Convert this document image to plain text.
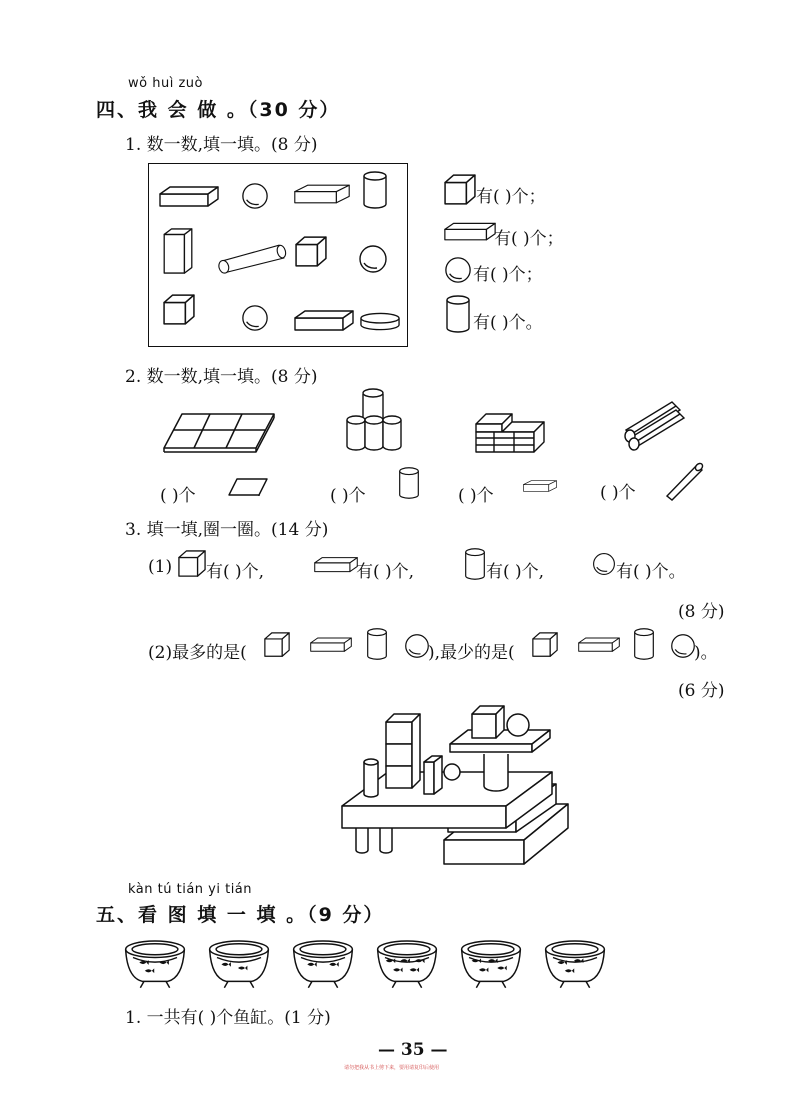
wǒ huì zuò
四、我 会 做 。（30 分）
1. 数一数,填一填。(8 分)
有( )个；
有( )个；
有( )个；
有( )个。
2. 数一数,填一填。(8 分)
( )个	( )个	( )个	( )个
3. 填一填,圈一圈。(14 分)
(1) 有( )个,	有( )个,	有( )个,	有( )个。
(8 分)
(2)最多的是(	),最少的是(	)。
(6 分)
kàn tú tián yi tián
五、看 图 填 一 填 。（9 分）
1. 一共有( )个鱼缸。(1 分)
— 35 —
请勿把我从书上剪下来，要用请复印后使用
